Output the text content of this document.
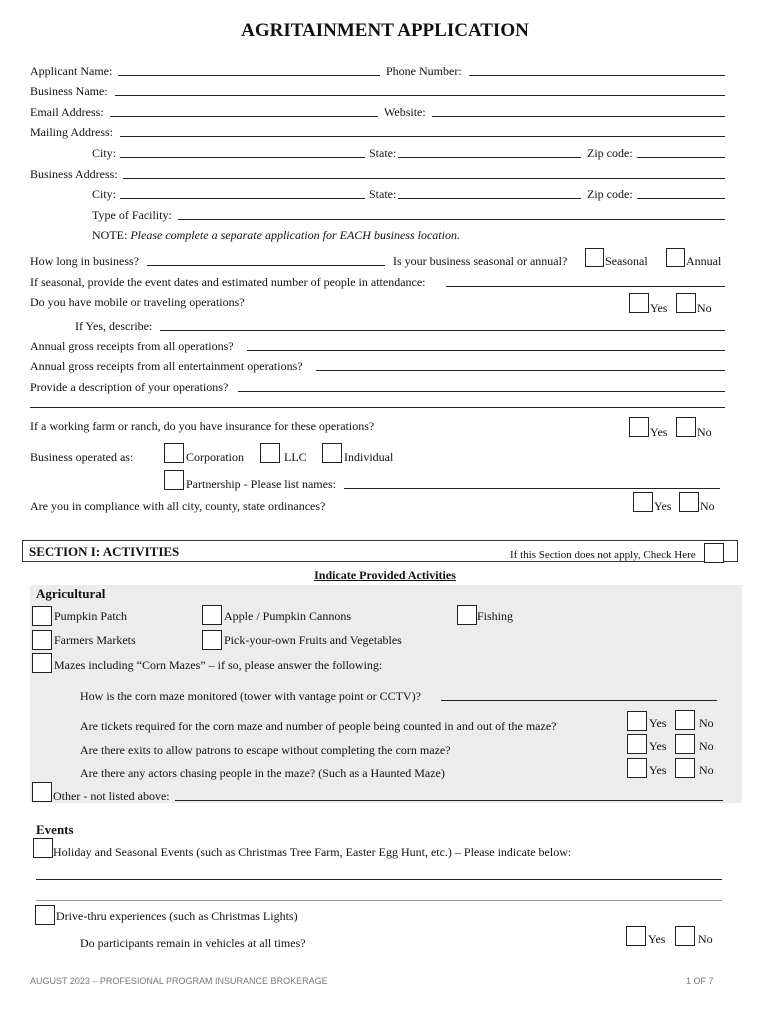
AGRITAINMENT APPLICATION
Applicant Name:	Phone Number:
Business Name:
Email Address:	Website:
Mailing Address:
City:	State:	Zip code:
Business Address:
City:	State:	Zip code:
Type of Facility:
NOTE: Please complete a separate application for EACH business location.
How long in business?	Is your business seasonal or annual?	Seasonal	Annual
If seasonal, provide the event dates and estimated number of people in attendance:
Do you have mobile or traveling operations?	Yes No
If Yes, describe:
Annual gross receipts from all operations?
Annual gross receipts from all entertainment operations?
Provide a description of your operations?
If a working farm or ranch, do you have insurance for these operations?	Yes No
Business operated as:	Corporation	LLC	Individual
Partnership - Please list names:
Are you in compliance with all city, county, state ordinances?	Yes No
SECTION I: ACTIVITIES	If this Section does not apply, Check Here
Indicate Provided Activities
Agricultural
Pumpkin Patch	Apple / Pumpkin Cannons	Fishing
Farmers Markets	Pick-your-own Fruits and Vegetables
Mazes including “Corn Mazes” – if so, please answer the following:
How is the corn maze monitored (tower with vantage point or CCTV)?
Are tickets required for the corn maze and number of people being counted in and out of the maze?	Yes	No
Are there exits to allow patrons to escape without completing the corn maze?	Yes	No
Are there any actors chasing people in the maze? (Such as a Haunted Maze)	Yes	No
Other - not listed above:
Events
Holiday and Seasonal Events (such as Christmas Tree Farm, Easter Egg Hunt, etc.) – Please indicate below:
Drive-thru experiences (such as Christmas Lights)
Do participants remain in vehicles at all times?	Yes	No
AUGUST 2023 – PROFESIONAL PROGRAM INSURANCE BROKERAGE	1 OF 7
